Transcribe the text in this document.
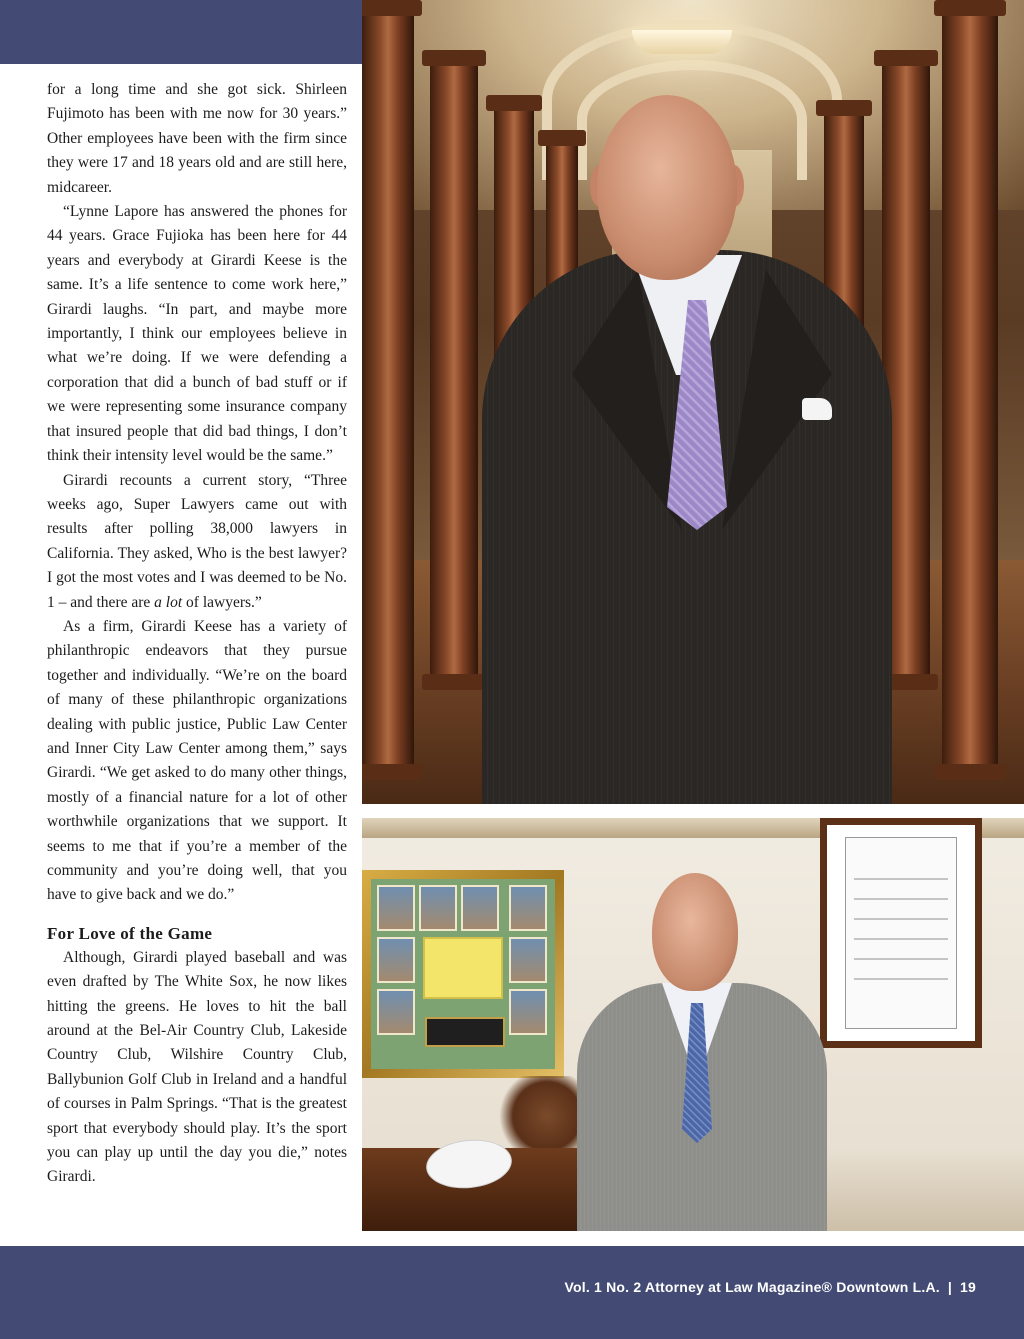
for a long time and she got sick. Shirleen Fujimoto has been with me now for 30 years.” Other employees have been with the firm since they were 17 and 18 years old and are still here, midcareer.

“Lynne Lapore has answered the phones for 44 years. Grace Fujioka has been here for 44 years and everybody at Girardi Keese is the same. It’s a life sentence to come work here,” Girardi laughs. “In part, and maybe more importantly, I think our employees believe in what we’re doing. If we were defending a corporation that did a bunch of bad stuff or if we were representing some insurance company that insured people that did bad things, I don’t think their intensity level would be the same.”

Girardi recounts a current story, “Three weeks ago, Super Lawyers came out with results after polling 38,000 lawyers in California. They asked, Who is the best lawyer? I got the most votes and I was deemed to be No. 1 – and there are a lot of lawyers.”

As a firm, Girardi Keese has a variety of philanthropic endeavors that they pursue together and individually. “We’re on the board of many of these philanthropic organizations dealing with public justice, Public Law Center and Inner City Law Center among them,” says Girardi. “We get asked to do many other things, mostly of a financial nature for a lot of other worthwhile organizations that we support. It seems to me that if you’re a member of the community and you’re doing well, that you have to give back and we do.”

For Love of the Game

Although, Girardi played baseball and was even drafted by The White Sox, he now likes hitting the greens. He loves to hit the ball around at the Bel-Air Country Club, Lakeside Country Club, Wilshire Country Club, Ballybunion Golf Club in Ireland and a handful of courses in Palm Springs. “That is the greatest sport that everybody should play. It’s the sport you can play up until the day you die,” notes Girardi.

Vol. 1 No. 2 Attorney at Law Magazine® Downtown L.A. | 19
